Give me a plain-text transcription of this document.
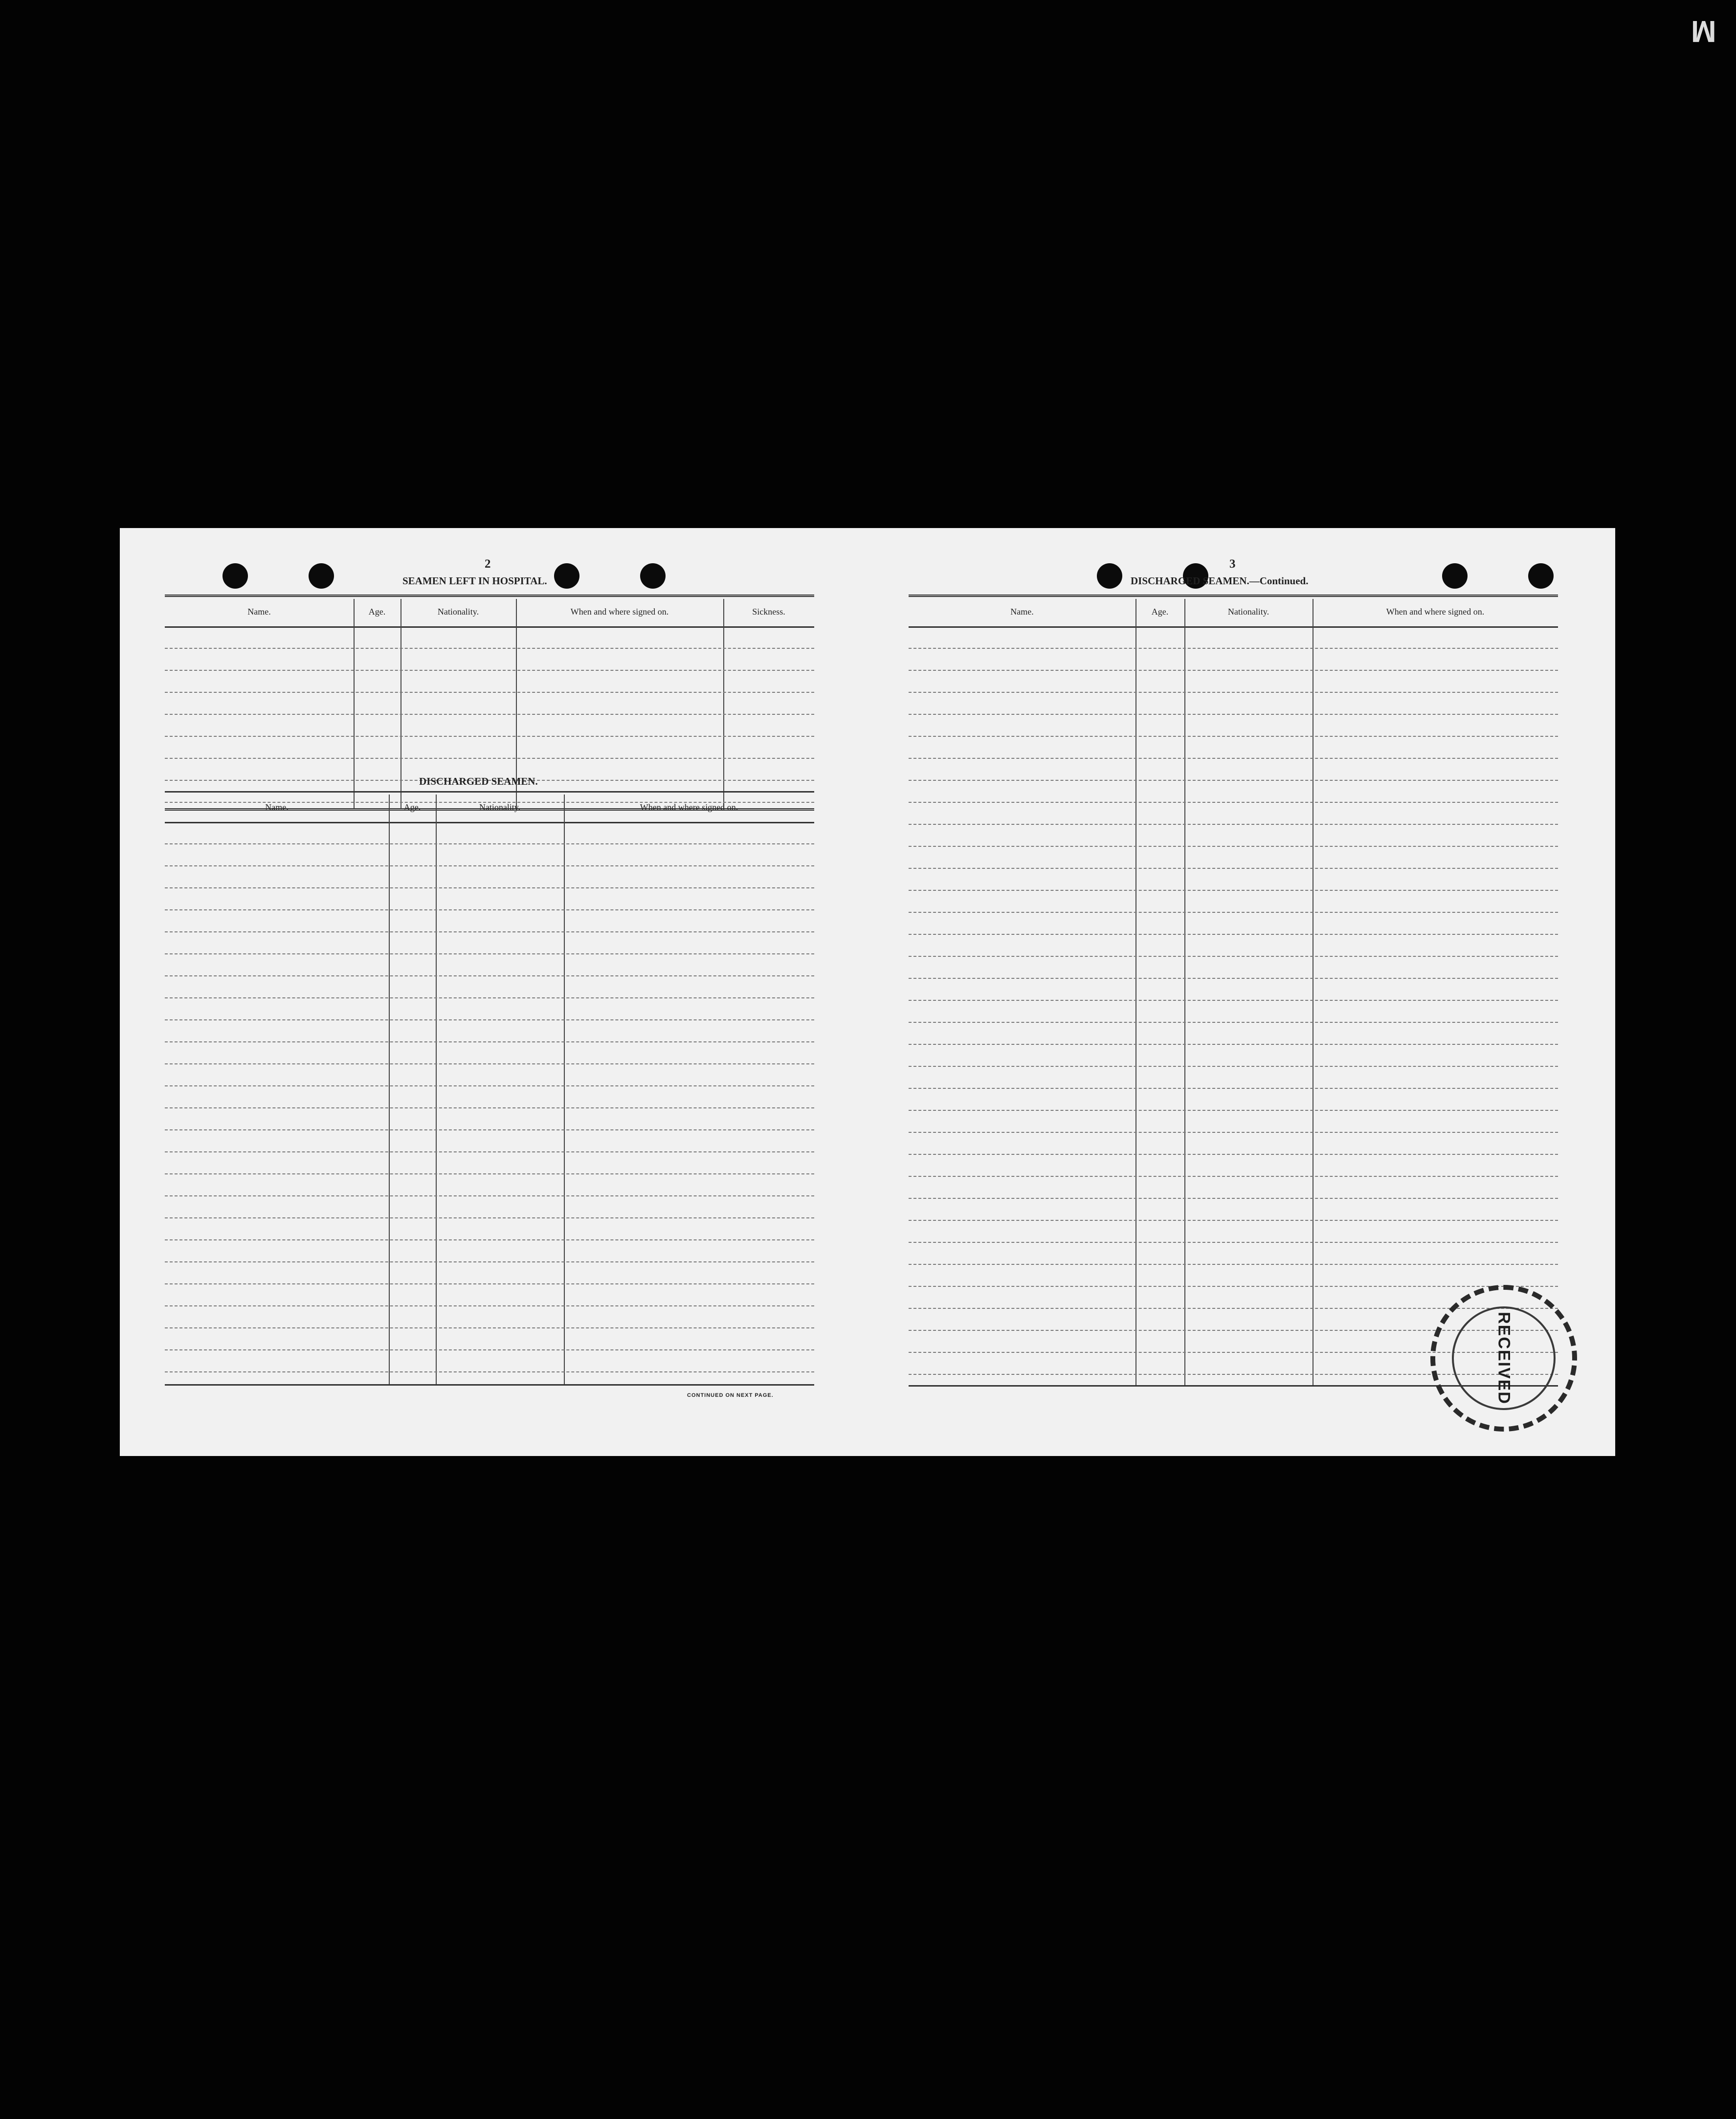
M
2
SEAMEN LEFT IN HOSPITAL.
Name.	Age.	Nationality.	When and where signed on.	Sickness.
DISCHARGED SEAMEN.
Name.	Age.	Nationality.	When and where signed on.
CONTINUED ON NEXT PAGE.
3
DISCHARGED SEAMEN.—Continued.
Name.	Age.	Nationality.	When and where signed on.
RECEIVED
